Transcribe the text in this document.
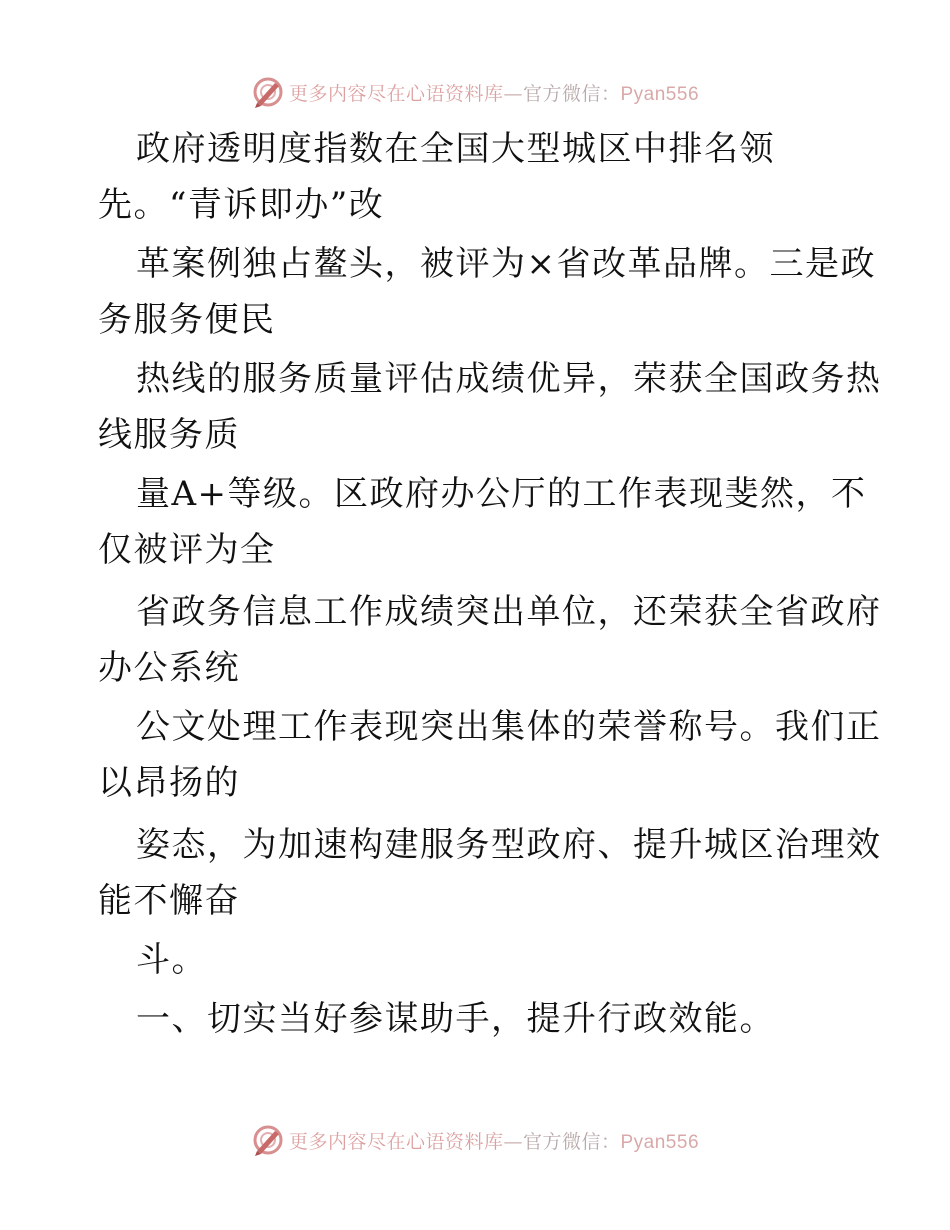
更多内容尽在心语资料库—官方微信：Pyan556
政府透明度指数在全国大型城区中排名领
先。“青诉即办”改
革案例独占鳌头，被评为×省改革品牌。三是政
务服务便民
热线的服务质量评估成绩优异，荣获全国政务热
线服务质
量A+等级。区政府办公厅的工作表现斐然，不
仅被评为全
省政务信息工作成绩突出单位，还荣获全省政府
办公系统
公文处理工作表现突出集体的荣誉称号。我们正
以昂扬的
姿态，为加速构建服务型政府、提升城区治理效
能不懈奋
斗。
一、切实当好参谋助手，提升行政效能。
更多内容尽在心语资料库—官方微信：Pyan556
